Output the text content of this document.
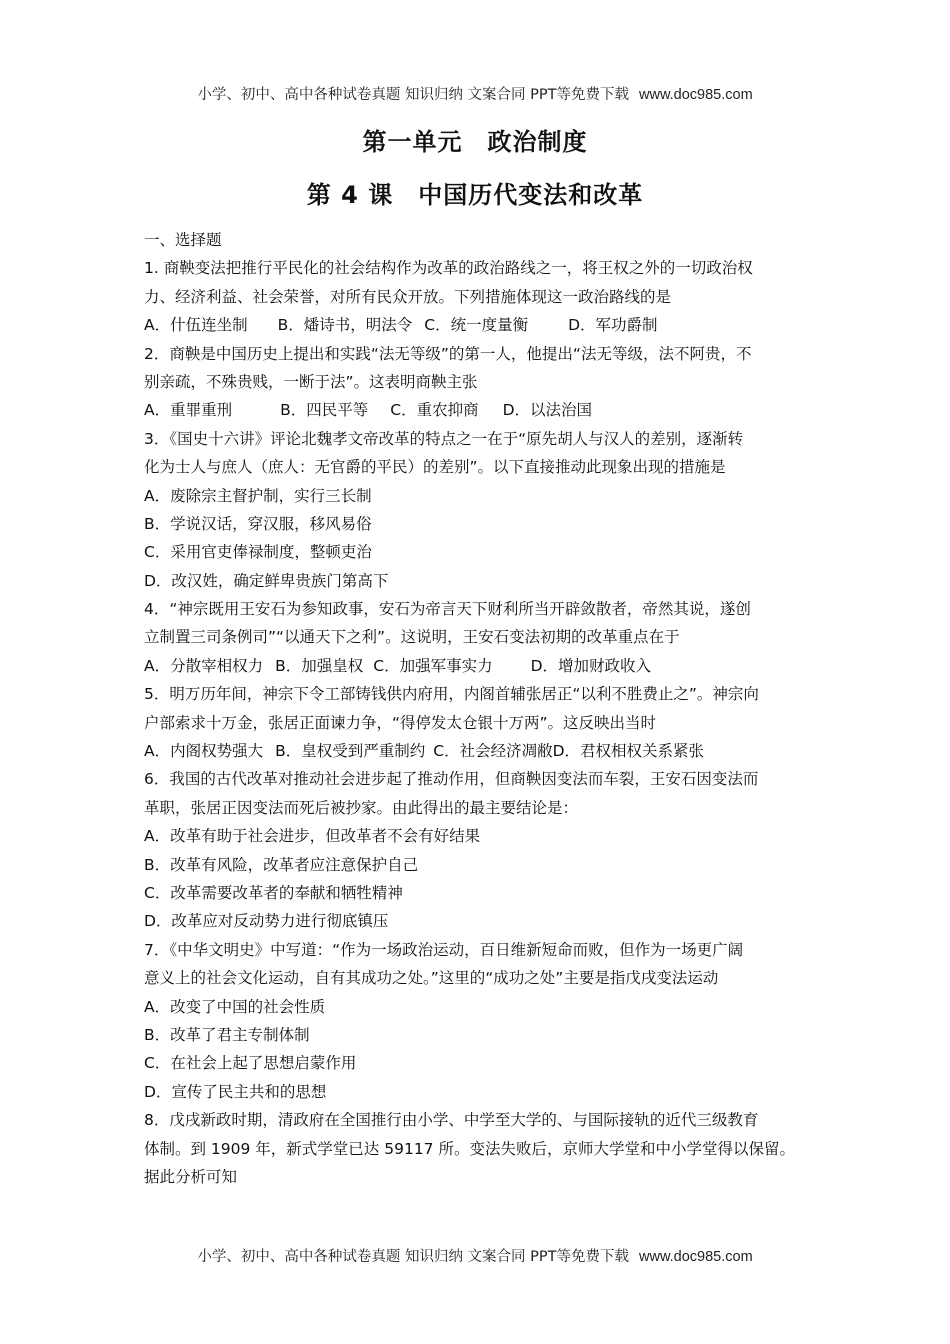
小学、初中、高中各种试卷真题 知识归纳 文案合同 PPT等免费下载 www.doc985.com
第一单元　政治制度
第 4 课　中国历代变法和改革
一、选择题
1. 商鞅变法把推行平民化的社会结构作为改革的政治路线之一，将王权之外的一切政治权
力、经济利益、社会荣誉，对所有民众开放。下列措施体现这一政治路线的是
A．什伍连坐制 B．燔诗书，明法令 C．统一度量衡	D．军功爵制
2．商鞅是中国历史上提出和实践“法无等级”的第一人，他提出“法无等级，法不阿贵，不
别亲疏，不殊贵贱，一断于法”。这表明商鞅主张
A．重罪重刑	B．四民平等 C．重农抑商 D．以法治国
3．《国史十六讲》评论北魏孝文帝改革的特点之一在于“原先胡人与汉人的差别，逐渐转
化为士人与庶人（庶人：无官爵的平民）的差别”。以下直接推动此现象出现的措施是
A．废除宗主督护制，实行三长制
B．学说汉话，穿汉服，移风易俗
C．采用官吏俸禄制度，整顿吏治
D．改汉姓，确定鲜卑贵族门第高下
4．“神宗既用王安石为参知政事，安石为帝言天下财利所当开辟敛散者，帝然其说，遂创
立制置三司条例司”“以通天下之利”。这说明，王安石变法初期的改革重点在于
A．分散宰相权力 B．加强皇权 C．加强军事实力 D．增加财政收入
5．明万历年间，神宗下令工部铸钱供内府用，内阁首辅张居正“以利不胜费止之”。神宗向
户部索求十万金，张居正面谏力争，“得停发太仓银十万两”。这反映出当时
A．内阁权势强大 B．皇权受到严重制约 C．社会经济凋敝D．君权相权关系紧张
6．我国的古代改革对推动社会进步起了推动作用，但商鞅因变法而车裂，王安石因变法而
革职，张居正因变法而死后被抄家。由此得出的最主要结论是：
A．改革有助于社会进步，但改革者不会有好结果
B．改革有风险，改革者应注意保护自己
C．改革需要改革者的奉献和牺牲精神
D．改革应对反动势力进行彻底镇压
7．《中华文明史》中写道：“作为一场政治运动，百日维新短命而败，但作为一场更广阔
意义上的社会文化运动，自有其成功之处。”这里的“成功之处”主要是指戊戌变法运动
A．改变了中国的社会性质
B．改革了君主专制体制
C．在社会上起了思想启蒙作用
D．宣传了民主共和的思想
8．戊戌新政时期，清政府在全国推行由小学、中学至大学的、与国际接轨的近代三级教育
体制。到 1909 年，新式学堂已达 59117 所。变法失败后，京师大学堂和中小学堂得以保留。
据此分析可知
小学、初中、高中各种试卷真题 知识归纳 文案合同 PPT等免费下载 www.doc985.com
